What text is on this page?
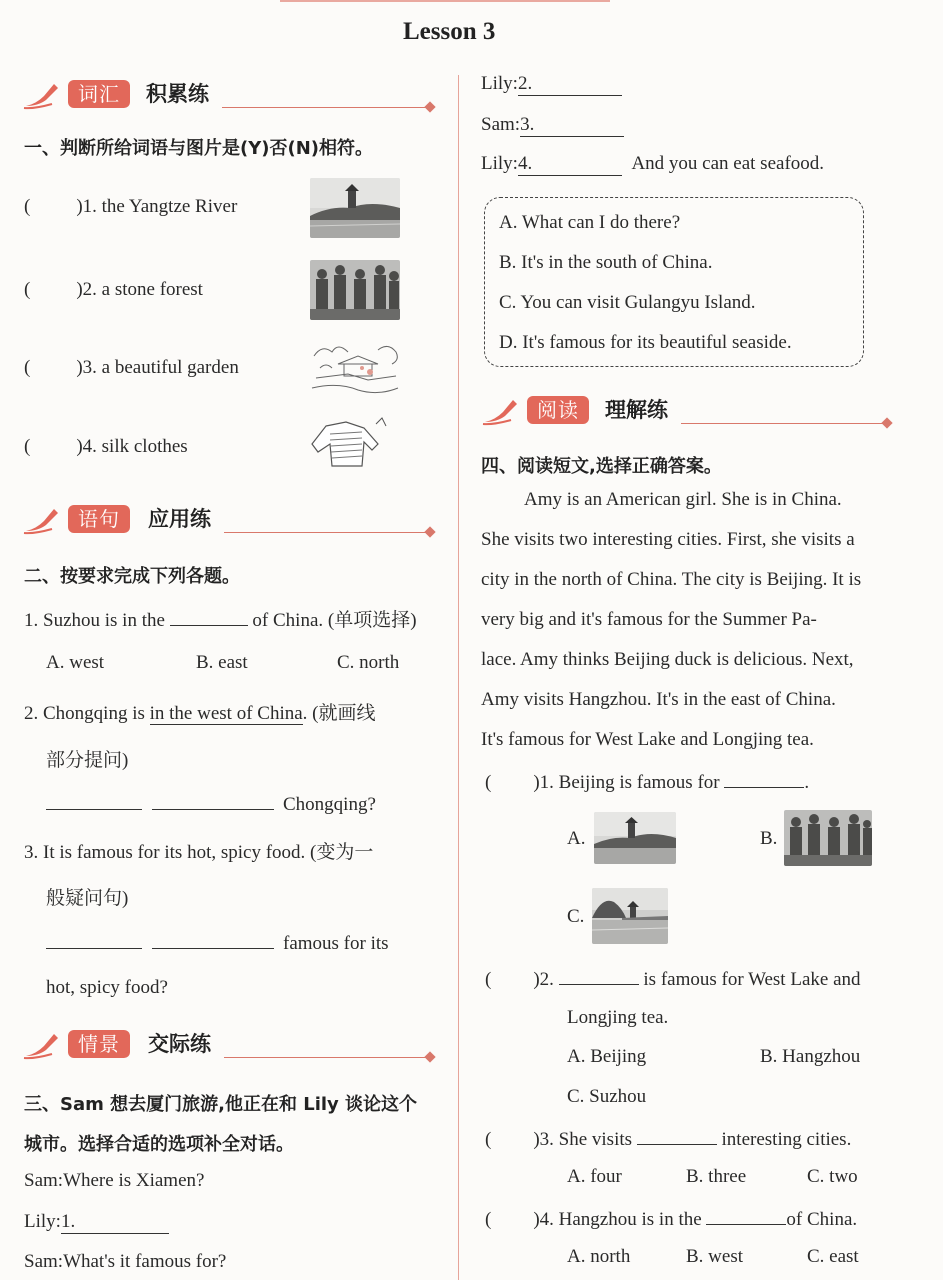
Lesson 3
词汇	积累练
一、判断所给词语与图片是(Y)否(N)相符。
( )1. the Yangtze River
( )2. a stone forest
( )3. a beautiful garden
( )4. silk clothes
语句	应用练
二、按要求完成下列各题。
1. Suzhou is in the	of China. (单项选择)
A. west	B. east	C. north
2. Chongqing is in the west of China. (就画线
部分提问)
Chongqing?
3. It is famous for its hot, spicy food. (变为一
般疑问句)
famous for its
hot, spicy food?
情景	交际练
三、Sam 想去厦门旅游,他正在和 Lily 谈论这个
城市。选择合适的选项补全对话。
Sam:Where is Xiamen?
Lily:1.
Sam:What's it famous for?
Lily:2.
Sam:3.
Lily:4.	And you can eat seafood.
A. What can I do there?
B. It's in the south of China.
C. You can visit Gulangyu Island.
D. It's famous for its beautiful seaside.
阅读	理解练
四、阅读短文,选择正确答案。
Amy is an American girl. She is in China.
She visits two interesting cities. First, she visits a
city in the north of China. The city is Beijing. It is
very big and it's famous for the Summer Pa-
lace. Amy thinks Beijing duck is delicious. Next,
Amy visits Hangzhou. It's in the east of China.
It's famous for West Lake and Longjing tea.
( )1. Beijing is famous for	.
A.	B.
C.
( )2.	is famous for West Lake and
Longjing tea.
A. Beijing	B. Hangzhou
C. Suzhou
( )3. She visits	interesting cities.
A. four	B. three	C. two
( )4. Hangzhou is in the	of China.
A. north	B. west	C. east
